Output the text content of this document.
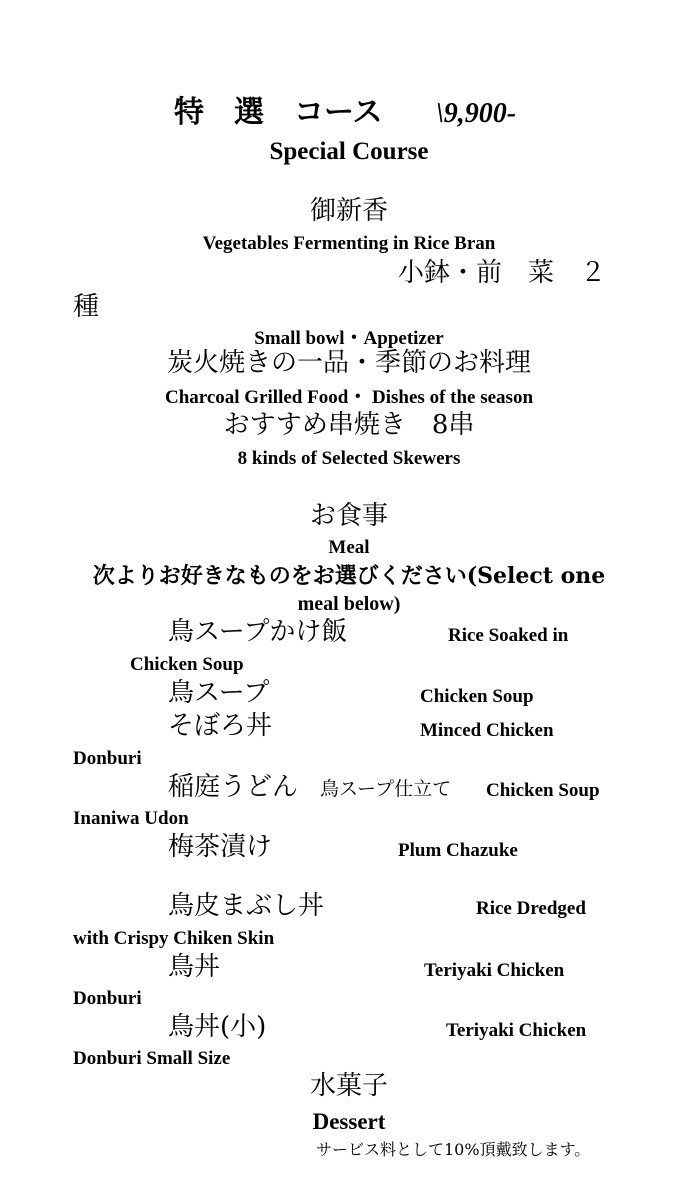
特　選　コース \9,900-
Special Course
御新香
Vegetables Fermenting in Rice Bran
小鉢・前　菜　２
種
Small bowl・Appetizer
炭火焼きの一品・季節のお料理
Charcoal Grilled Food・ Dishes of the season
おすすめ串焼き　8串
8 kinds of Selected Skewers
お食事
Meal
次よりお好きなものをお選びください(Select one
meal below)
鳥スープかけ飯	Rice Soaked in
Chicken Soup
鳥スープ	Chicken Soup
そぼろ丼	Minced Chicken
Donburi
稲庭うどん 鳥スープ仕立て Chicken Soup
Inaniwa Udon
梅茶漬け	Plum Chazuke
鳥皮まぶし丼	Rice Dredged
with Crispy Chiken Skin
鳥丼	Teriyaki Chicken
Donburi
鳥丼(小)	Teriyaki Chicken
Donburi Small Size
水菓子
Dessert
サービス料として10%頂戴致します。
